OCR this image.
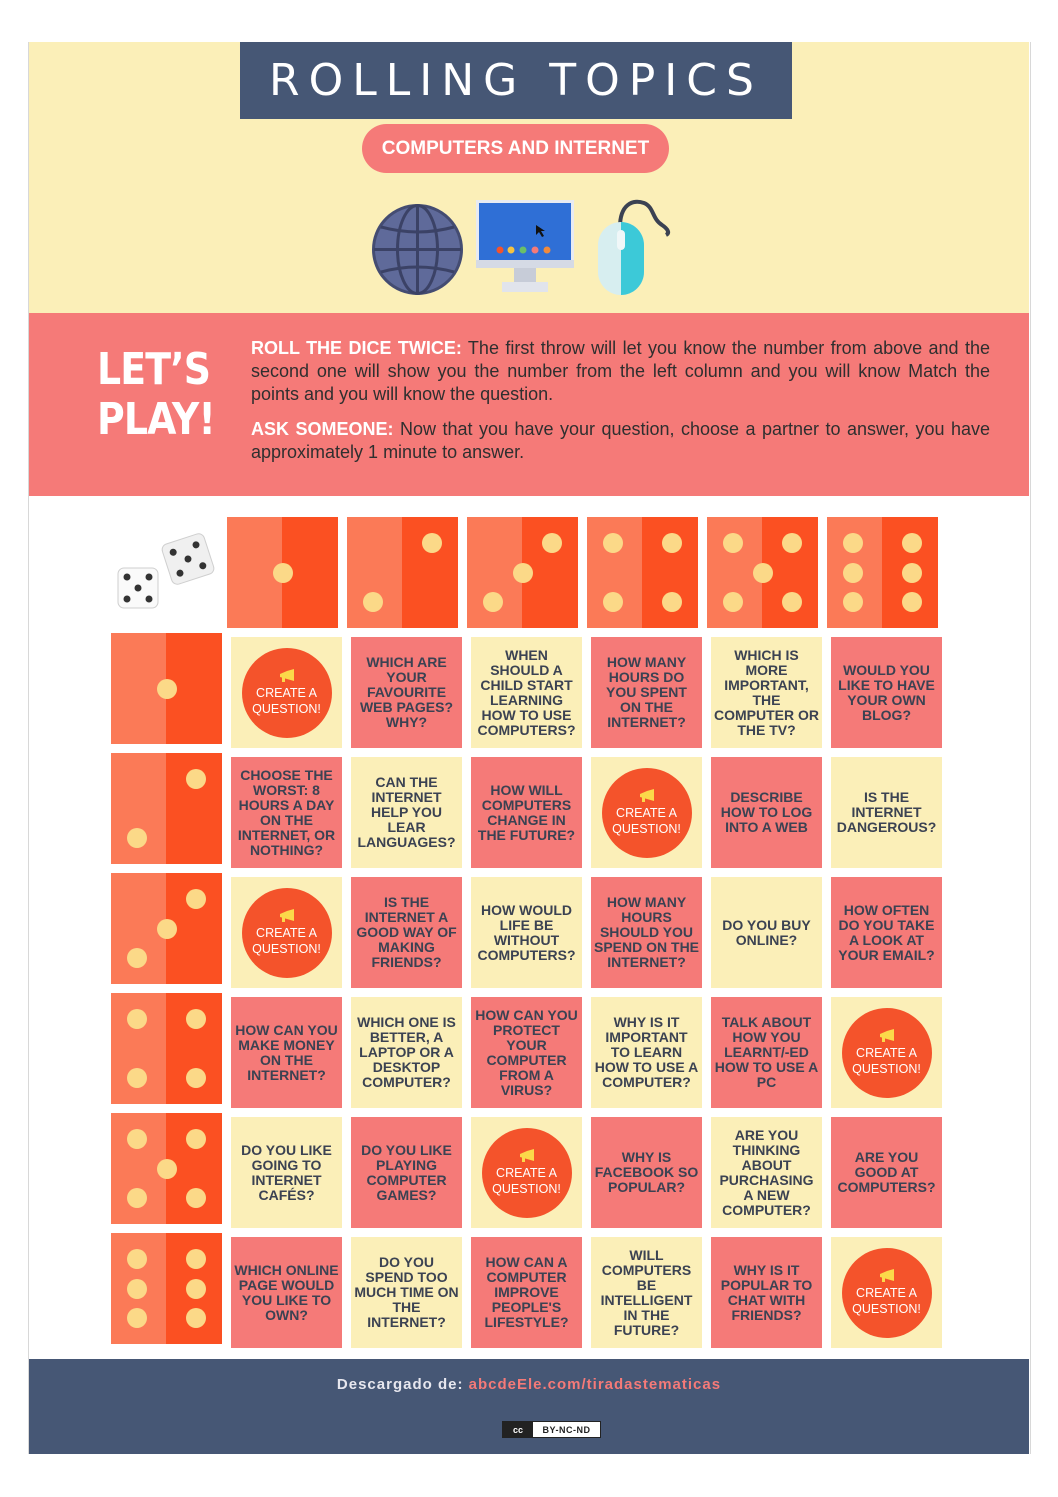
ROLLING TOPICS
COMPUTERS AND INTERNET
LET’S
PLAY!
ROLL THE DICE TWICE: The first throw will let you know the number from above and the second one will show you the number from the left column and you will know Match the points and you will know the question.
ASK SOMEONE: Now that you have your question, choose a partner to answer, you have approximately 1 minute to answer.
CREATE A
QUESTION!
WHICH ARE YOUR FAVOURITE WEB PAGES? WHY?
WHEN SHOULD A CHILD START LEARNING HOW TO USE COMPUTERS?
HOW MANY HOURS DO YOU SPENT ON THE INTERNET?
WHICH IS MORE IMPORTANT, THE COMPUTER OR THE TV?
WOULD YOU LIKE TO HAVE YOUR OWN BLOG?
CHOOSE THE WORST: 8 HOURS A DAY ON THE INTERNET, OR NOTHING?
CAN THE INTERNET HELP YOU LEAR LANGUAGES?
HOW WILL COMPUTERS CHANGE IN THE FUTURE?
CREATE A
QUESTION!
DESCRIBE HOW TO LOG INTO A WEB
IS THE INTERNET DANGEROUS?
CREATE A
QUESTION!
IS THE INTERNET A GOOD WAY OF MAKING FRIENDS?
HOW WOULD LIFE BE WITHOUT COMPUTERS?
HOW MANY HOURS SHOULD YOU SPEND ON THE INTERNET?
DO YOU BUY ONLINE?
HOW OFTEN DO YOU TAKE A LOOK AT YOUR EMAIL?
HOW CAN YOU MAKE MONEY ON THE INTERNET?
WHICH ONE IS BETTER, A LAPTOP OR A DESKTOP COMPUTER?
HOW CAN YOU PROTECT YOUR COMPUTER FROM A VIRUS?
WHY IS IT IMPORTANT TO LEARN HOW TO USE A COMPUTER?
TALK ABOUT HOW YOU LEARNT/-ED HOW TO USE A PC
CREATE A
QUESTION!
DO YOU LIKE GOING TO INTERNET CAFÉS?
DO YOU LIKE PLAYING COMPUTER GAMES?
CREATE A
QUESTION!
WHY IS FACEBOOK SO POPULAR?
ARE YOU THINKING ABOUT PURCHASING A NEW COMPUTER?
ARE YOU GOOD AT COMPUTERS?
WHICH ONLINE PAGE WOULD YOU LIKE TO OWN?
DO YOU SPEND TOO MUCH TIME ON THE INTERNET?
HOW CAN A COMPUTER IMPROVE PEOPLE'S LIFESTYLE?
WILL COMPUTERS BE INTELLIGENT IN THE FUTURE?
WHY IS IT POPULAR TO CHAT WITH FRIENDS?
CREATE A
QUESTION!
Descargado de: abcdeEle.com/tiradastematicas
cc	BY-NC-ND
